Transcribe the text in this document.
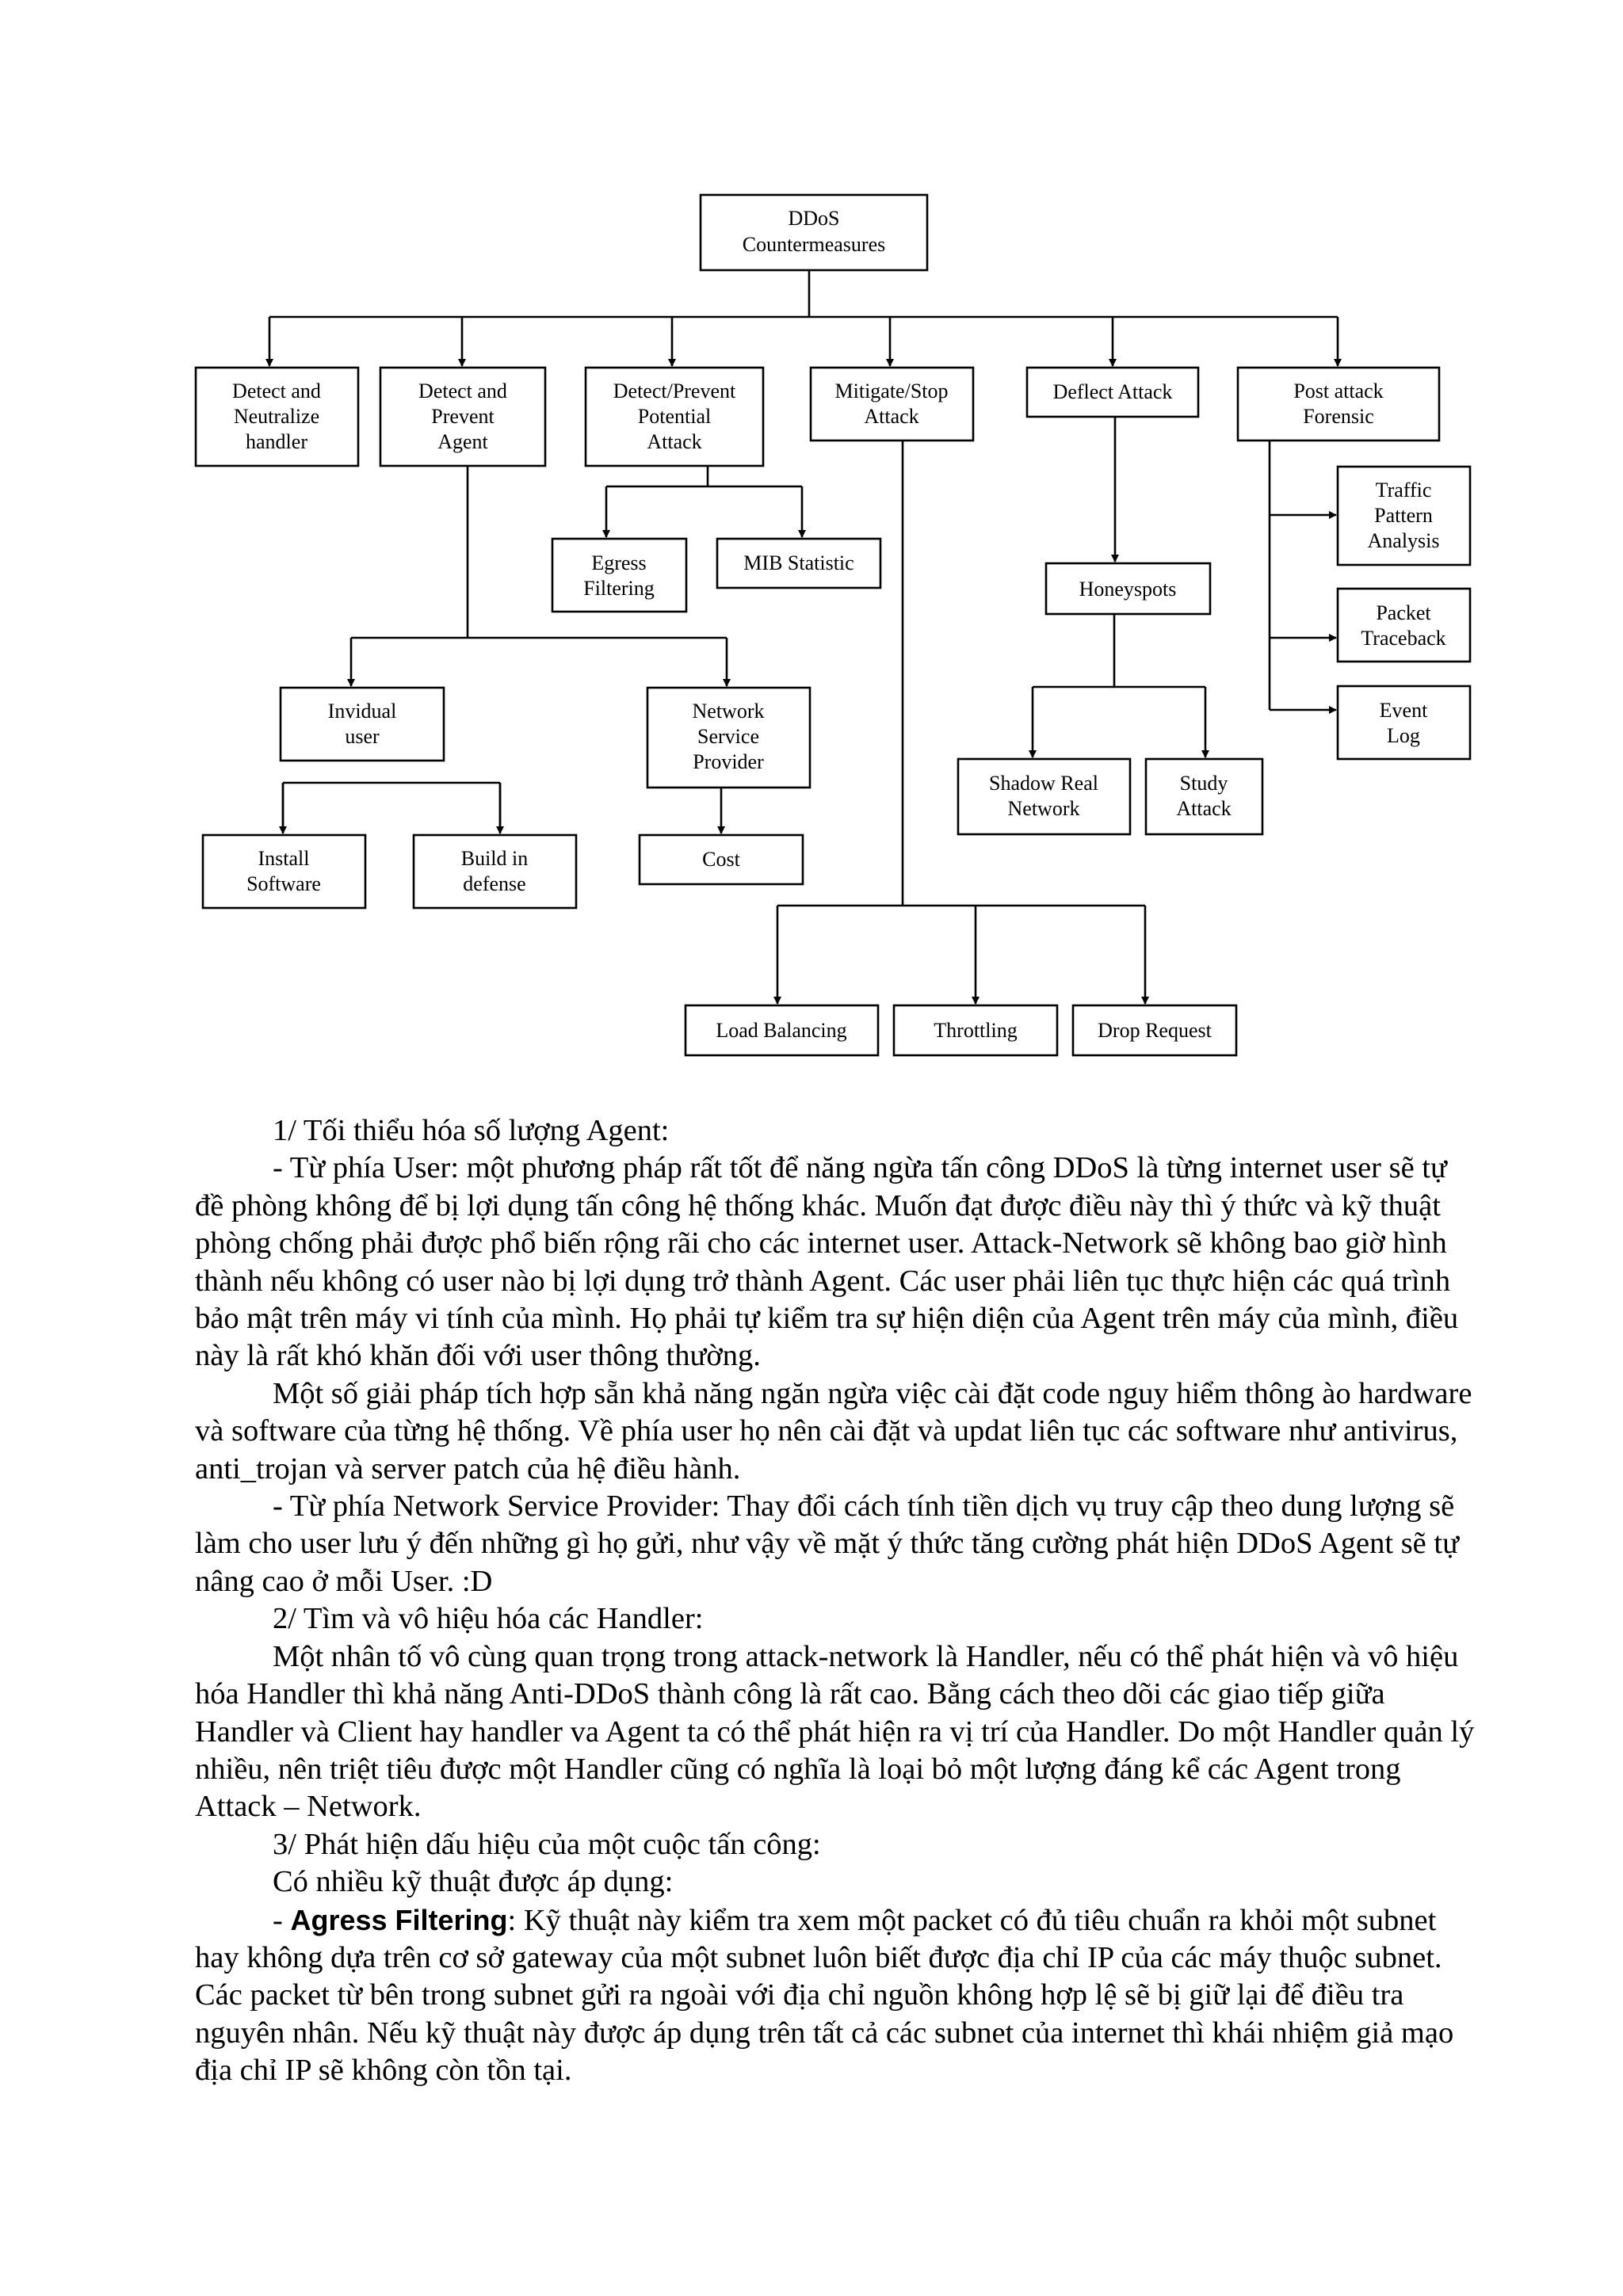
DDoS
Countermeasures
Detect and
Neutralize
handler
Detect and
Prevent
Agent
Detect/Prevent
Potential
Attack
Mitigate/Stop
Attack
Deflect Attack	Post attack
Forensic
Egress
Filtering
MIB Statistic
Honeyspots
Traffic
Pattern
Analysis
Packet
Traceback
Event
Log
Invidual
user
Network
Service
Provider
Shadow Real
Network
Study
Attack
Install
Software
Build in
defense
Cost
Load Balancing	Throttling	Drop Request

1/ Tối thiểu hóa số lượng Agent:

- Từ phía User: một phương pháp rất tốt để năng ngừa tấn công DDoS là từng internet user sẽ tự đề phòng không để bị lợi dụng tấn công hệ thống khác. Muốn đạt được điều này thì ý thức và kỹ thuật phòng chống phải được phổ biến rộng rãi cho các internet user. Attack-Network sẽ không bao giờ hình thành nếu không có user nào bị lợi dụng trở thành Agent. Các user phải liên tục thực hiện các quá trình bảo mật trên máy vi tính của mình. Họ phải tự kiểm tra sự hiện diện của Agent trên máy của mình, điều này là rất khó khăn đối với user thông thường.

Một số giải pháp tích hợp sẵn khả năng ngăn ngừa việc cài đặt code nguy hiểm thông ào hardware và software của từng hệ thống. Về phía user họ nên cài đặt và updat liên tục các software như antivirus, anti_trojan và server patch của hệ điều hành.

- Từ phía Network Service Provider: Thay đổi cách tính tiền dịch vụ truy cập theo dung lượng sẽ làm cho user lưu ý đến những gì họ gửi, như vậy về mặt ý thức tăng cường phát hiện DDoS Agent sẽ tự nâng cao ở mỗi User. :D

2/ Tìm và vô hiệu hóa các Handler:

Một nhân tố vô cùng quan trọng trong attack-network là Handler, nếu có thể phát hiện và vô hiệu hóa Handler thì khả năng Anti-DDoS thành công là rất cao. Bằng cách theo dõi các giao tiếp giữa Handler và Client hay handler va Agent ta có thể phát hiện ra vị trí của Handler. Do một Handler quản lý nhiều, nên triệt tiêu được một Handler cũng có nghĩa là loại bỏ một lượng đáng kể các Agent trong Attack – Network.

3/ Phát hiện dấu hiệu của một cuộc tấn công:

Có nhiều kỹ thuật được áp dụng:

- Agress Filtering: Kỹ thuật này kiểm tra xem một packet có đủ tiêu chuẩn ra khỏi một subnet hay không dựa trên cơ sở gateway của một subnet luôn biết được địa chỉ IP của các máy thuộc subnet. Các packet từ bên trong subnet gửi ra ngoài với địa chỉ nguồn không hợp lệ sẽ bị giữ lại để điều tra nguyên nhân. Nếu kỹ thuật này được áp dụng trên tất cả các subnet của internet thì khái nhiệm giả mạo địa chỉ IP sẽ không còn tồn tại.
